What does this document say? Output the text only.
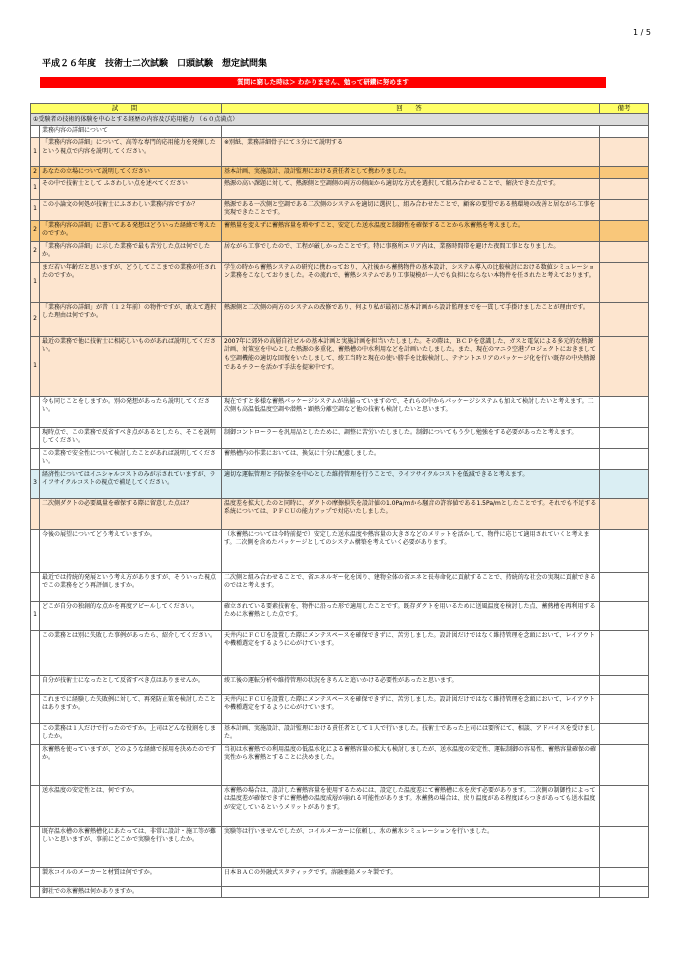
1 / 5
平成２６年度　技術士二次試験　口頭試験　想定試問集
質問に窮した時は＞ わかりません、勉って研鑽に努めます
試　問		回　答	備考
①受験者の技術的体験を中心とする経歴の内容及び応用能力 （６０点満点）			
	業務内容の詳細について		
1	「業務内容の詳細」について、高等な専門的応用能力を発揮したという視点で内容を説明してください。	※別紙、業務詳細骨子にて３分にて説明する	
2	あなたの立場について説明してください	基本計画、実施設計、設計監理における責任者として携わりました。	
1	その中で技術士として ふさわしい点を述べてください	熱源の高い課題に対して、熱源側と空調側の両方の側面から適切な方式を選択して組み合わせることで、解決できた点です。	
1	この小論文の何処が技術士にふさわしい業務内容ですか？	熱源である一次側と空調である二次側のシステムを適切に選択し、組み合わせたことで、顧客の要望である熱環境の改善と居ながら工事を実現できたことです。	
2	「業務内容の詳細」に書いてある発想はどういった経緯で考えたのですか。	蓄熱量を変えずに蓄熱容量を増やすこと、安定した送水温度と制御性を確保することから氷蓄熱を考えました。	
2	「業務内容の詳細」に示した業務で最も苦労した点は何でしたか。	居ながら工事でしたので、工程が厳しかったことです。特に事務所エリア内は、業務時間帯を避けた夜間工事となりました。	
1	まだ若い年齢だと思いますが、どうしてここまでの業務が任されたのですか。	学生の時から蓄熱システムの研究に携わっており、入社後から蓄熱物件の基本設計、システム導入の比較検討における数値シミュレーション業務をこなしておりました。その流れで、蓄熱システムであり工事規模が一人でも負担にならない本物件を任されたと考えております。	
2	「業務内容の詳細」が昔（１２年前）の物件ですが、敢えて選択した理由は何ですか。	熱源側と二次側の両方のシステムの改修であり、何より私が最初に基本計画から設計監理までを一貫して手掛けましたことが理由です。	
1	最近の業務で他に技術士に相応しいものがあれば説明してください。	2007年に郊外の高層自社ビルの基本計画と実施計画を担当いたしました。その際は、ＢＣＰを意識した、ガスと電気による多元的な熱源計画、対策室を中心とした熱源の多重化、蓄熱槽の中水利用などを計画いたしました。また、現在のマニラ空港プロジェクトにおきましても空調機能の適切な回復をいたしまして、竣工当時と現在の使い勝手を比較検討し、テナントエリアのパッケージ化を行い既存の中央熱源であるチラーを活かす手法を提案中です。	
	今も同じことをしますか。別の発想があったら説明してください。	現在ですと多様な蓄熱パッケージシステムが出揃っていますので、それらの中からパッケージシステムも加えて検討したいと考えます。二次側も高温低温度空調や潜熱・顕熱分離空調など他の技術も検討したいと思います。	
	現時点で、この業務で反省すべき点があるとしたら、そこを説明してください。	制御コントローラーを汎用品としたために、調整に苦労いたしました。制御についてもう少し勉強をする必要があったと考えます。	
	この業務で安全性について検討したことがあれば説明してください。	蓄熱槽内の作業においては、換気に十分に配慮しました。	
3	経済性についてはイニシャルコストのみが示されていますが、ライフサイクルコストの視点で補足してください。	適切な運転管理と予防保全を中心とした維持管理を行うことで、ライフサイクルコストを低減できると考えます。	
	二次側ダクトの必要風量を確保する際に留意した点は？	温度差を拡大したのと同時に、ダクトの摩擦損失を設計値の1.0Pa/mから騒音の許容値である1.5Pa/mとしたことです。それでも不足する系統については、ＰＦＣＵの能力アップで対応いたしました。	
	今後の展望についてどう考えていますか。	（氷蓄熱については今時前提で）安定した送水温度や熱容量の大きさなどのメリットを活かして、物件に応じて適用されていくと考えます。二次側を含めたパッケージとしてのシステム構築を考えていく必要があります。	
	最近では持続的発展という考え方がありますが、そういった視点でこの業務をどう再評価しますか。	二次側と組み合わせることで、省エネルギー化を図り、建物全体の省エネと長寿命化に貢献することで、持続的な社会の実現に貢献できるのではと考えます。	
1	どこが自分の独創的な点かを再度アピールしてください。	確立されている要素技術を、物件に沿った形で適用したことです。既存ダクトを用いるために送風温度を検討した点、蓄熱槽を再利用するために氷蓄熱とした点です。	
	この業務とは別に失敗した事例があったら、紹介してください。	天井内にＦＣＵを設置した際にメンテスペースを確保できずに、苦労しました。設計図だけではなく維持管理を念頭において、レイアウトや機種選定をするように心がけています。	
	自分が技術士になったとして反省すべき点はありませんか。	竣工後の運転分析や維持管理の状況をきちんと追いかける必要性があったと思います。	
	これまでに経験した失敗例に対して、再発防止策を検討したことはありますか。	天井内にＦＣＵを設置した際にメンテスペースを確保できずに、苦労しました。設計図だけではなく維持管理を念頭において、レイアウトや機種選定をするように心がけています。	
	この業務は１人だけで行ったのですか。上司はどんな役割をしましたか。	基本計画、実施設計、設計監理における責任者として１人で行いました。技術士であった上司には要所にて、相談、アドバイスを受けました。	
	氷蓄熱を使っていますが、どのような経緯で採用を決めたのですか。	当初は水蓄熱での利用温度の低温水化による蓄熱容量の拡大も検討しましたが、送水温度の安定性、運転制御の容易性、蓄熱容量確保の確実性から氷蓄熱とすることに決めました。	
	送水温度の安定性とは、何ですか。	水蓄熱の場合は、設計した蓄熱容量を使用するためには、設定した温度差にて蓄熱槽に水を戻す必要があります。二次側の制御性によっては温度差が確保できずに蓄熱槽の温度成層が崩れる可能性があります。氷蓄熱の場合は、戻り温度がある程度ばらつきがあっても送水温度が安定しているというメリットがあります。	
	既存温水槽の氷蓄熱槽化にあたっては、非常に設計・施工等が難しいと思いますが、事前にどこかで実験を行いましたか。	実験等は行いませんでしたが、コイルメーカーに依頼し、氷の蓄氷シミュレーションを行いました。	
	製氷コイルのメーカーと材質は何ですか。	日本ＢＡＣの外融式スタティックです。溶融亜鉛メッキ製です。	
	御社での氷蓄熱は何かありますか。		
